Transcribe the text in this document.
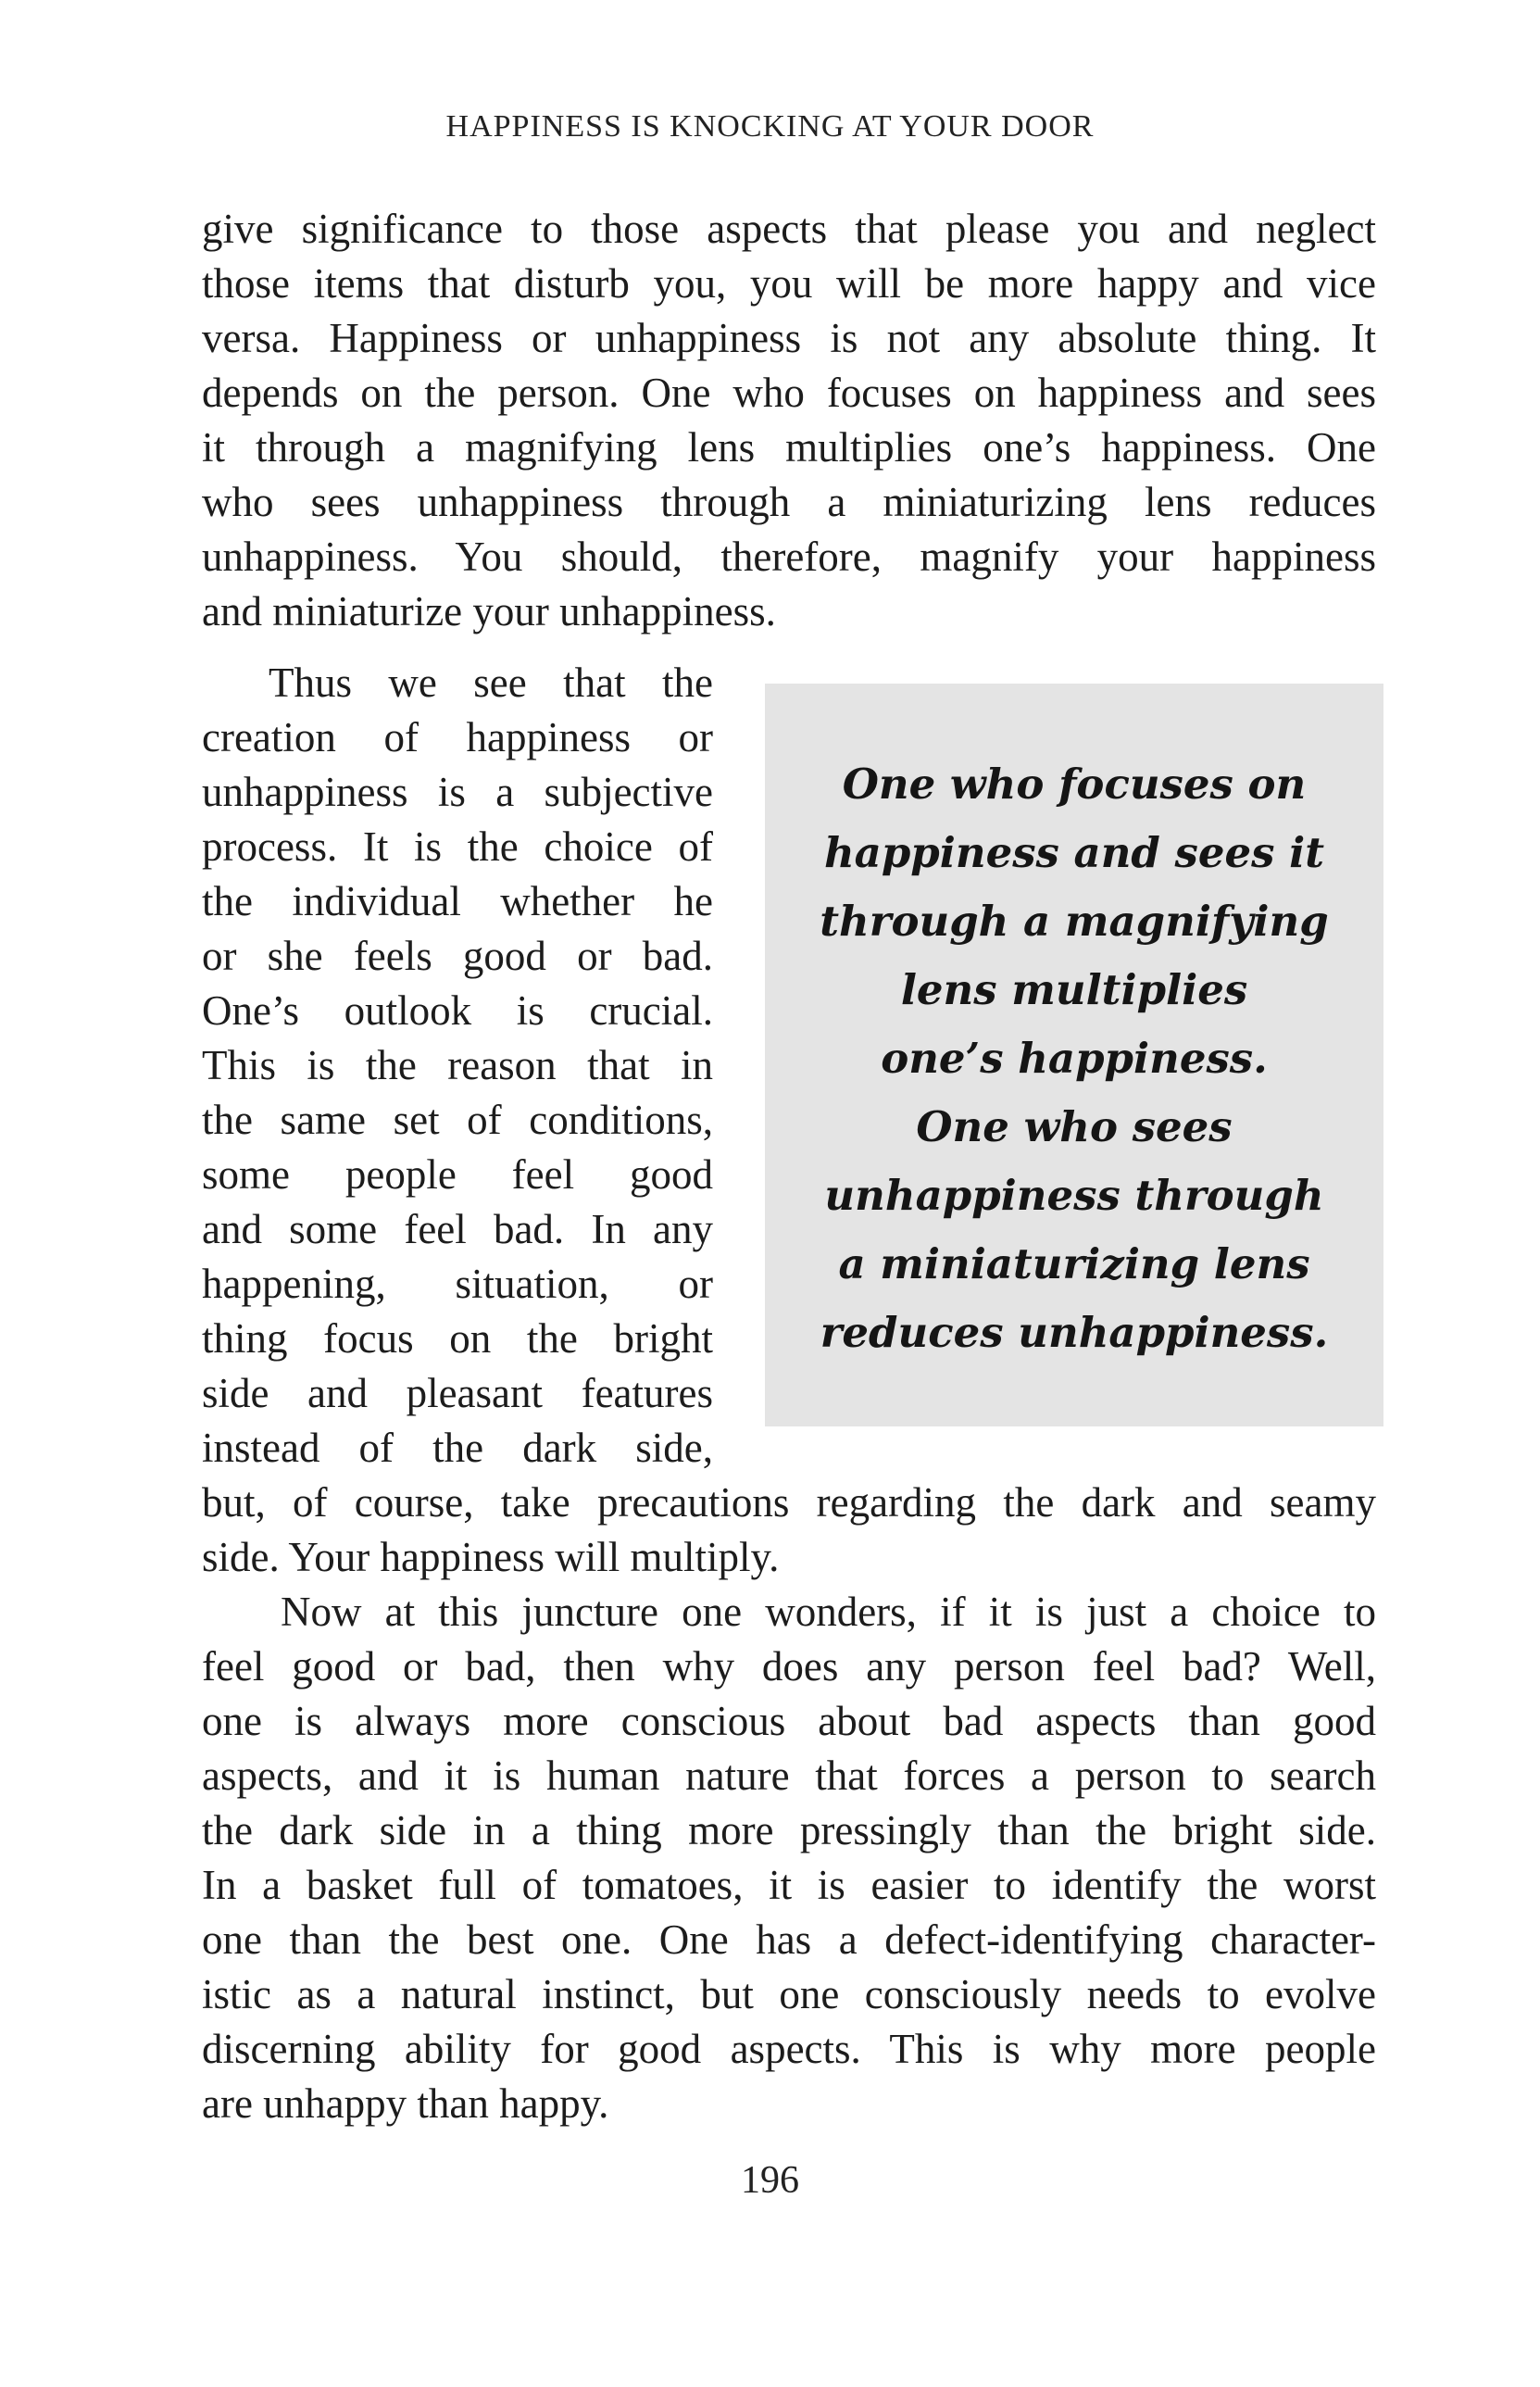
HAPPINESS IS KNOCKING AT YOUR DOOR
give significance to those aspects that please you and neglect
those items that disturb you, you will be more happy and vice
versa. Happiness or unhappiness is not any absolute thing. It
depends on the person. One who focuses on happiness and sees
it through a magnifying lens multiplies one’s happiness. One
who sees unhappiness through a miniaturizing lens reduces
unhappiness. You should, therefore, magnify your happiness
and miniaturize your unhappiness.
Thus we see that the
creation of happiness or
unhappiness is a subjective
process. It is the choice of
the individual whether he
or she feels good or bad.
One’s outlook is crucial.
This is the reason that in
the same set of conditions,
some people feel good
and some feel bad. In any
happening, situation, or
thing focus on the bright
side and pleasant features
instead of the dark side,
but, of course, take precautions regarding the dark and seamy
side. Your happiness will multiply.
One who focuses on
happiness and sees it
through a magnifying
lens multiplies
one’s happiness.
One who sees
unhappiness through
a miniaturizing lens
reduces unhappiness.
Now at this juncture one wonders, if it is just a choice to
feel good or bad, then why does any person feel bad? Well,
one is always more conscious about bad aspects than good
aspects, and it is human nature that forces a person to search
the dark side in a thing more pressingly than the bright side.
In a basket full of tomatoes, it is easier to identify the worst
one than the best one. One has a defect-identifying character-
istic as a natural instinct, but one consciously needs to evolve
discerning ability for good aspects. This is why more people
are unhappy than happy.
196
